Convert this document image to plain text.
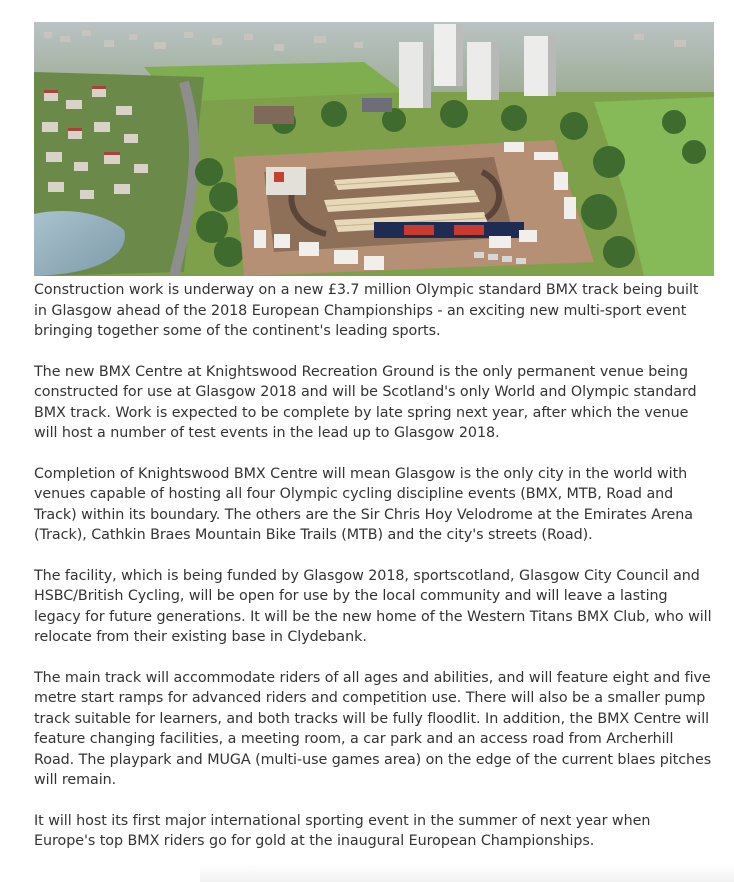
Construction work is underway on a new £3.7 million Olympic standard BMX track being built in Glasgow ahead of the 2018 European Championships - an exciting new multi-sport event bringing together some of the continent's leading sports.

The new BMX Centre at Knightswood Recreation Ground is the only permanent venue being constructed for use at Glasgow 2018 and will be Scotland's only World and Olympic standard BMX track. Work is expected to be complete by late spring next year, after which the venue will host a number of test events in the lead up to Glasgow 2018.

Completion of Knightswood BMX Centre will mean Glasgow is the only city in the world with venues capable of hosting all four Olympic cycling discipline events (BMX, MTB, Road and Track) within its boundary. The others are the Sir Chris Hoy Velodrome at the Emirates Arena (Track), Cathkin Braes Mountain Bike Trails (MTB) and the city's streets (Road).

The facility, which is being funded by Glasgow 2018, sportscotland, Glasgow City Council and HSBC/British Cycling, will be open for use by the local community and will leave a lasting legacy for future generations. It will be the new home of the Western Titans BMX Club, who will relocate from their existing base in Clydebank.

The main track will accommodate riders of all ages and abilities, and will feature eight and five metre start ramps for advanced riders and competition use. There will also be a smaller pump track suitable for learners, and both tracks will be fully floodlit. In addition, the BMX Centre will feature changing facilities, a meeting room, a car park and an access road from Archerhill Road. The playpark and MUGA (multi-use games area) on the edge of the current blaes pitches will remain.

It will host its first major international sporting event in the summer of next year when Europe's top BMX riders go for gold at the inaugural European Championships.
